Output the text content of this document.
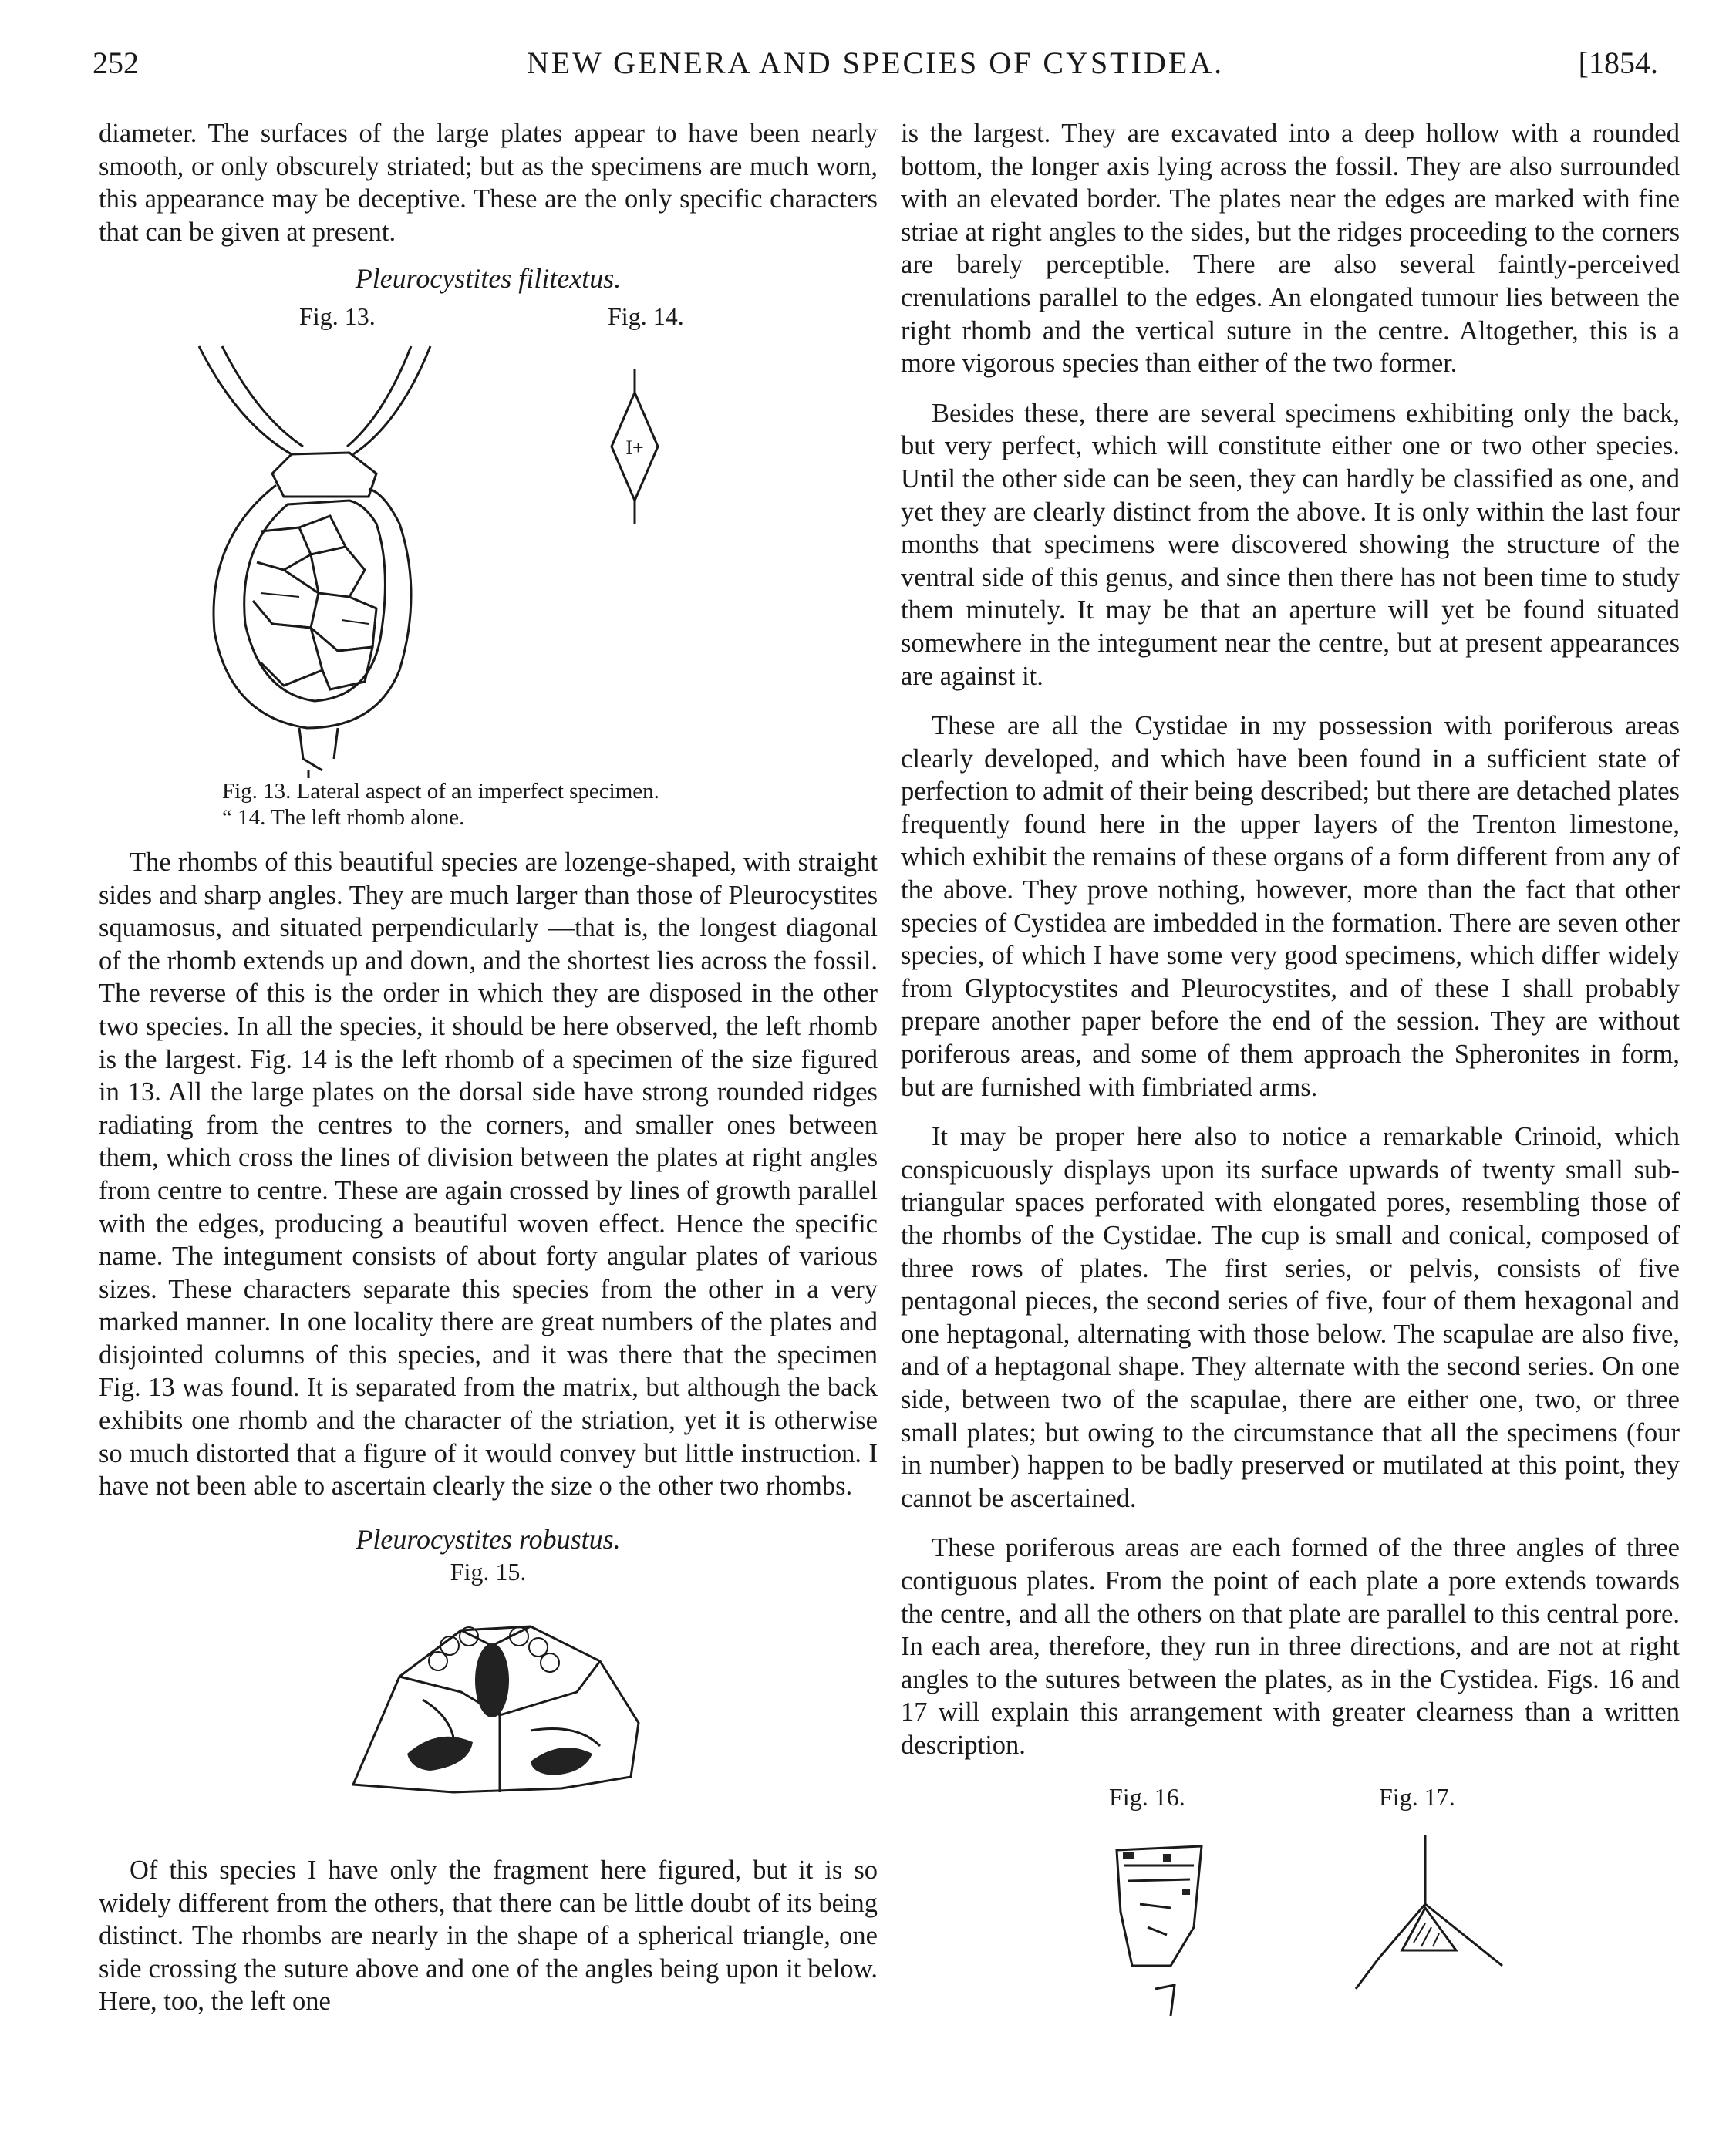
252	NEW GENERA AND SPECIES OF CYSTIDEA.	[1854.

diameter. The surfaces of the large plates appear to have been nearly smooth, or only obscurely striated; but as the specimens are much worn, this appearance may be deceptive. These are the only specific characters that can be given at present.

Pleurocystites filitextus.

Fig. 13.	Fig. 14.
I+
Fig. 13. Lateral aspect of an imperfect specimen.
“ 14. The left rhomb alone.

The rhombs of this beautiful species are lozenge-shaped, with straight sides and sharp angles. They are much larger than those of Pleurocystites squamosus, and situated perpendicularly —that is, the longest diagonal of the rhomb extends up and down, and the shortest lies across the fossil. The reverse of this is the order in which they are disposed in the other two species. In all the species, it should be here observed, the left rhomb is the largest. Fig. 14 is the left rhomb of a specimen of the size figured in 13. All the large plates on the dorsal side have strong rounded ridges radiating from the centres to the corners, and smaller ones between them, which cross the lines of division between the plates at right angles from centre to centre. These are again crossed by lines of growth parallel with the edges, producing a beautiful woven effect. Hence the specific name. The integument consists of about forty angular plates of various sizes. These characters separate this species from the other in a very marked manner. In one locality there are great numbers of the plates and disjointed columns of this species, and it was there that the specimen Fig. 13 was found. It is separated from the matrix, but although the back exhibits one rhomb and the character of the striation, yet it is otherwise so much distorted that a figure of it would convey but little instruction. I have not been able to ascertain clearly the size o the other two rhombs.

Pleurocystites robustus.

Fig. 15.

Of this species I have only the fragment here figured, but it is so widely different from the others, that there can be little doubt of its being distinct. The rhombs are nearly in the shape of a spherical triangle, one side crossing the suture above and one of the angles being upon it below. Here, too, the left one

is the largest. They are excavated into a deep hollow with a rounded bottom, the longer axis lying across the fossil. They are also surrounded with an elevated border. The plates near the edges are marked with fine striae at right angles to the sides, but the ridges proceeding to the corners are barely perceptible. There are also several faintly-perceived crenulations parallel to the edges. An elongated tumour lies between the right rhomb and the vertical suture in the centre. Altogether, this is a more vigorous species than either of the two former.

Besides these, there are several specimens exhibiting only the back, but very perfect, which will constitute either one or two other species. Until the other side can be seen, they can hardly be classified as one, and yet they are clearly distinct from the above. It is only within the last four months that specimens were discovered showing the structure of the ventral side of this genus, and since then there has not been time to study them minutely. It may be that an aperture will yet be found situated somewhere in the integument near the centre, but at present appearances are against it.

These are all the Cystidae in my possession with poriferous areas clearly developed, and which have been found in a sufficient state of perfection to admit of their being described; but there are detached plates frequently found here in the upper layers of the Trenton limestone, which exhibit the remains of these organs of a form different from any of the above. They prove nothing, however, more than the fact that other species of Cystidea are imbedded in the formation. There are seven other species, of which I have some very good specimens, which differ widely from Glyptocystites and Pleurocystites, and of these I shall probably prepare another paper before the end of the session. They are without poriferous areas, and some of them approach the Spheronites in form, but are furnished with fimbriated arms.

It may be proper here also to notice a remarkable Crinoid, which conspicuously displays upon its surface upwards of twenty small sub-triangular spaces perforated with elongated pores, resembling those of the rhombs of the Cystidae. The cup is small and conical, composed of three rows of plates. The first series, or pelvis, consists of five pentagonal pieces, the second series of five, four of them hexagonal and one heptagonal, alternating with those below. The scapulae are also five, and of a heptagonal shape. They alternate with the second series. On one side, between two of the scapulae, there are either one, two, or three small plates; but owing to the circumstance that all the specimens (four in number) happen to be badly preserved or mutilated at this point, they cannot be ascertained.

These poriferous areas are each formed of the three angles of three contiguous plates. From the point of each plate a pore extends towards the centre, and all the others on that plate are parallel to this central pore. In each area, therefore, they run in three directions, and are not at right angles to the sutures between the plates, as in the Cystidea. Figs. 16 and 17 will explain this arrangement with greater clearness than a written description.

Fig. 16.	Fig. 17.
